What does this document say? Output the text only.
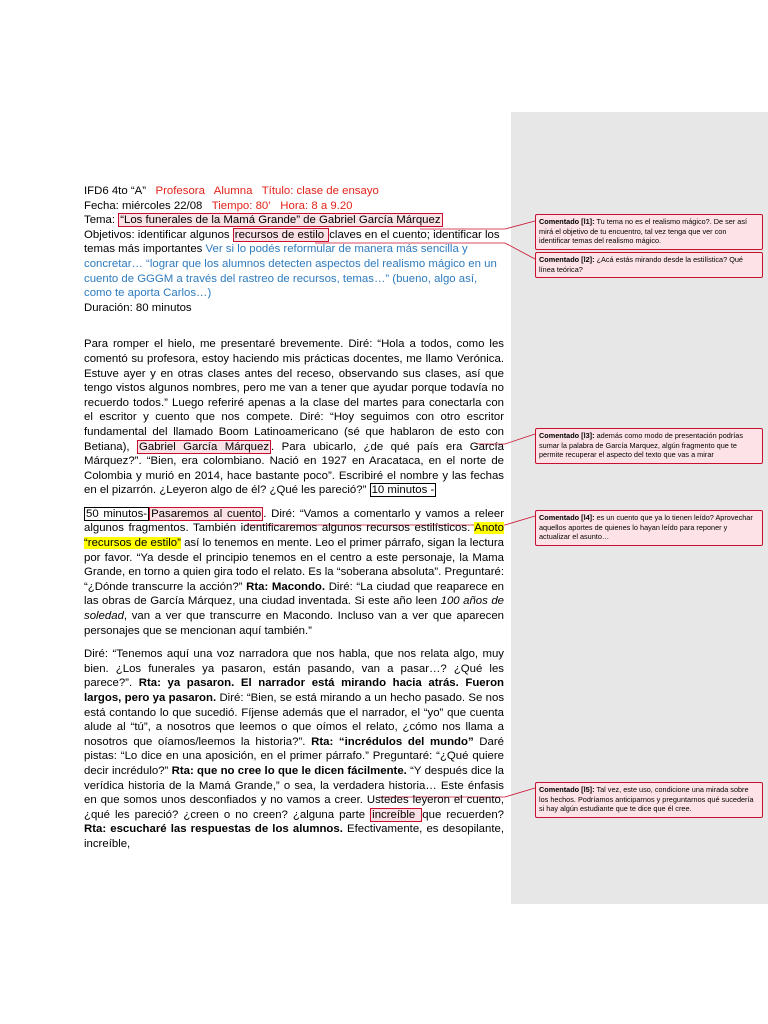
IFD6 4to “A” Profesora Alumna Título: clase de ensayo
Fecha: miércoles 22/08 Tiempo: 80’ Hora: 8 a 9.20
Tema: “Los funerales de la Mamá Grande” de Gabriel García Márquez
Objetivos: identificar algunos recursos de estilo claves en el cuento; identificar los temas más importantes Ver si lo podés reformular de manera más sencilla y concretar… “lograr que los alumnos detecten aspectos del realismo mágico en un cuento de GGGM a través del rastreo de recursos, temas…” (bueno, algo así, como te aporta Carlos…)
Duración: 80 minutos

Para romper el hielo, me presentaré brevemente. Diré: “Hola a todos, como les comentó su profesora, estoy haciendo mis prácticas docentes, me llamo Verónica. Estuve ayer y en otras clases antes del receso, observando sus clases, así que tengo vistos algunos nombres, pero me van a tener que ayudar porque todavía no recuerdo todos.” Luego referiré apenas a la clase del martes para conectarla con el escritor y cuento que nos compete. Diré: “Hoy seguimos con otro escritor fundamental del llamado Boom Latinoamericano (sé que hablaron de esto con Betiana), Gabriel García Márquez . Para ubicarlo, ¿de qué país era García Márquez?”. “Bien, era colombiano. Nació en 1927 en Aracataca, en el norte de Colombia y murió en 2014, hace bastante poco”. Escribiré el nombre y las fechas en el pizarrón. ¿Leyeron algo de él? ¿Qué les pareció?” 10 minutos -

50 minutos- Pasaremos al cuento . Diré: “Vamos a comentarlo y vamos a releer algunos fragmentos. También identificaremos algunos recursos estilísticos. Anoto “recursos de estilo” así lo tenemos en mente. Leo el primer párrafo, sigan la lectura por favor. “Ya desde el principio tenemos en el centro a este personaje, la Mama Grande, en torno a quien gira todo el relato. Es la “soberana absoluta”. Preguntaré: “¿Dónde transcurre la acción?” Rta: Macondo. Diré: “La ciudad que reaparece en las obras de García Márquez, una ciudad inventada. Si este año leen 100 años de soledad, van a ver que transcurre en Macondo. Incluso van a ver que aparecen personajes que se mencionan aquí también.”

Diré: “Tenemos aquí una voz narradora que nos habla, que nos relata algo, muy bien. ¿Los funerales ya pasaron, están pasando, van a pasar…? ¿Qué les parece?”. Rta: ya pasaron. El narrador está mirando hacia atrás. Fueron largos, pero ya pasaron. Diré: “Bien, se está mirando a un hecho pasado. Se nos está contando lo que sucedió. Fíjense además que el narrador, el “yo” que cuenta alude al “tú”, a nosotros que leemos o que oímos el relato, ¿cómo nos llama a nosotros que oíamos/leemos la historia?”. Rta: “incrédulos del mundo” Daré pistas: “Lo dice en una aposición, en el primer párrafo.” Preguntaré: “¿Qué quiere decir incrédulo?” Rta: que no cree lo que le dicen fácilmente. “Y después dice la verídica historia de la Mamá Grande,” o sea, la verdadera historia… Este énfasis en que somos unos desconfiados y no vamos a creer. Ustedes leyeron el cuento, ¿qué les pareció? ¿creen o no creen? ¿alguna parte increíble que recuerden? Rta: escucharé las respuestas de los alumnos. Efectivamente, es desopilante, increíble,

Comentado [l1]: Tu tema no es el realismo mágico?. De ser así mirá el objetivo de tu encuentro, tal vez tenga que ver con identificar temas del realismo mágico.
Comentado [l2]: ¿Acá estás mirando desde la estilística? Qué línea teórica?
Comentado [l3]: además como modo de presentación podrías sumar la palabra de García Marquez, algún fragmento que te permite recuperar el aspecto del texto que vas a mirar
Comentado [l4]: es un cuento que ya lo tienen leído? Aprovechar aquellos aportes de quienes lo hayan leído para reponer y actualizar el asunto…
Comentado [l5]: Tal vez, este uso, condicione una mirada sobre los hechos. Podríamos anticiparnos y preguntarnos qué sucedería si hay algún estudiante que te dice que él cree.
